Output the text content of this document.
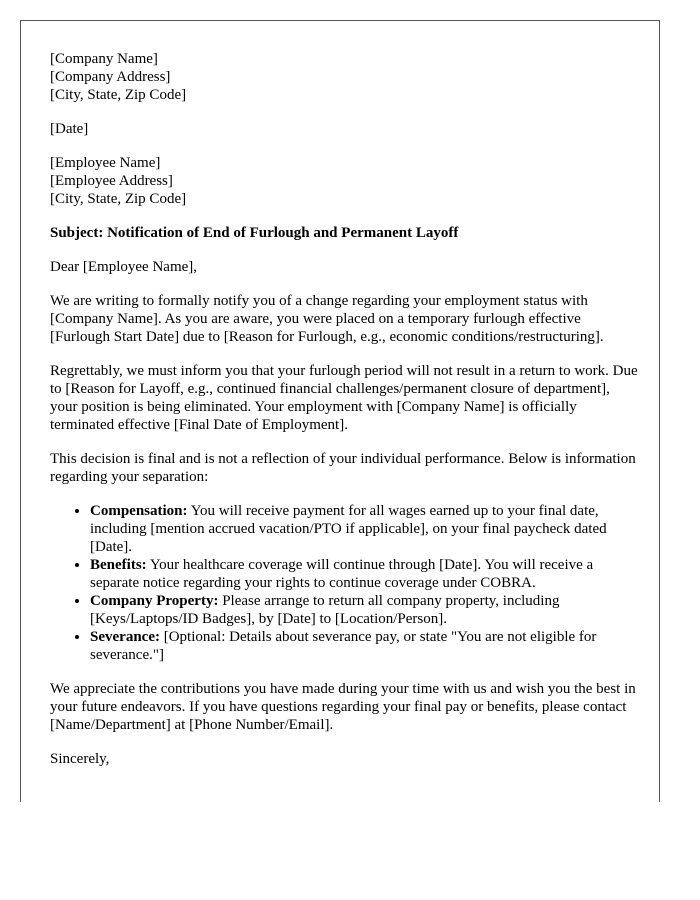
[Company Name]
[Company Address]
[City, State, Zip Code]
[Date]
[Employee Name]
[Employee Address]
[City, State, Zip Code]
Subject: Notification of End of Furlough and Permanent Layoff
Dear [Employee Name],

We are writing to formally notify you of a change regarding your employment status with [Company Name]. As you are aware, you were placed on a temporary furlough effective [Furlough Start Date] due to [Reason for Furlough, e.g., economic conditions/restructuring].

Regrettably, we must inform you that your furlough period will not result in a return to work. Due to [Reason for Layoff, e.g., continued financial challenges/permanent closure of department], your position is being eliminated. Your employment with [Company Name] is officially terminated effective [Final Date of Employment].

This decision is final and is not a reflection of your individual performance. Below is information regarding your separation:

• Compensation: You will receive payment for all wages earned up to your final date, including [mention accrued vacation/PTO if applicable], on your final paycheck dated [Date].
• Benefits: Your healthcare coverage will continue through [Date]. You will receive a separate notice regarding your rights to continue coverage under COBRA.
• Company Property: Please arrange to return all company property, including [Keys/Laptops/ID Badges], by [Date] to [Location/Person].
• Severance: [Optional: Details about severance pay, or state "You are not eligible for severance."]

We appreciate the contributions you have made during your time with us and wish you the best in your future endeavors. If you have questions regarding your final pay or benefits, please contact [Name/Department] at [Phone Number/Email].

Sincerely,
